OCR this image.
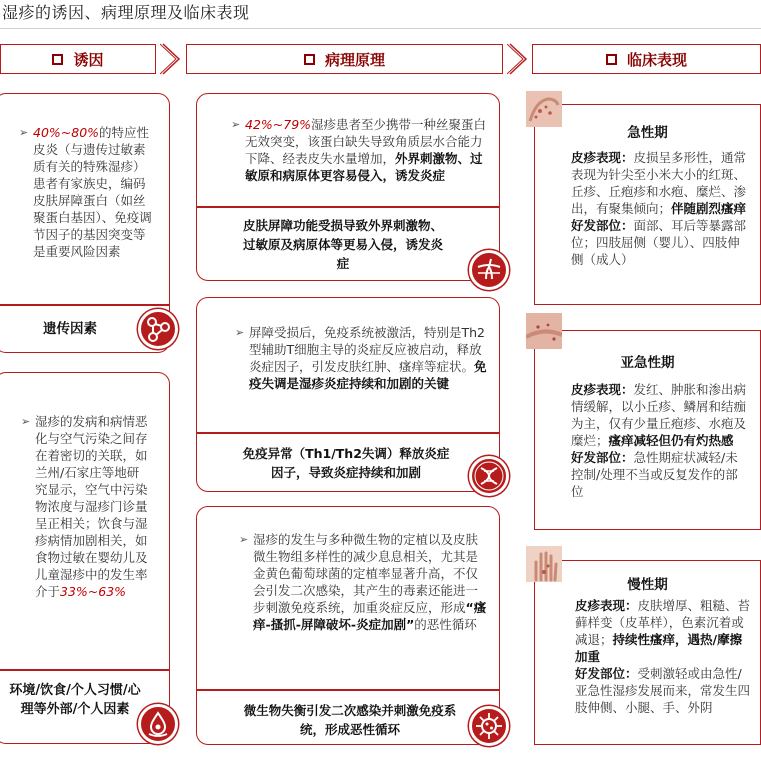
湿疹的诱因、病理原理及临床表现
诱因	病理原理	临床表现
➢ 40%~80%的特应性皮炎（与遗传过敏素质有关的特殊湿疹）患者有家族史，编码皮肤屏障蛋白（如丝聚蛋白基因）、免疫调节因子的基因突变等是重要风险因素
遗传因素
➢ 湿疹的发病和病情恶化与空气污染之间存在着密切的关联，如兰州/石家庄等地研究显示，空气中污染物浓度与湿疹门诊量呈正相关；饮食与湿疹病情加剧相关，如食物过敏在婴幼儿及儿童湿疹中的发生率介于33%~63%
环境/饮食/个人习惯/心理等外部/个人因素
➢ 42%~79%湿疹患者至少携带一种丝聚蛋白无效突变，该蛋白缺失导致角质层水合能力下降、经表皮失水量增加，外界刺激物、过敏原和病原体更容易侵入，诱发炎症
皮肤屏障功能受损导致外界刺激物、过敏原及病原体等更易入侵，诱发炎症
➢ 屏障受损后，免疫系统被激活，特别是Th2型辅助T细胞主导的炎症反应被启动，释放炎症因子，引发皮肤红肿、瘙痒等症状。免疫失调是湿疹炎症持续和加剧的关键
免疫异常（Th1/Th2失调）释放炎症因子，导致炎症持续和加剧
➢ 湿疹的发生与多种微生物的定植以及皮肤微生物组多样性的减少息息相关，尤其是金黄色葡萄球菌的定植率显著升高，不仅会引发二次感染，其产生的毒素还能进一步刺激免疫系统，加重炎症反应，形成“瘙痒-搔抓-屏障破坏-炎症加剧”的恶性循环
微生物失衡引发二次感染并刺激免疫系统，形成恶性循环
急性期
皮疹表现：皮损呈多形性，通常表现为针尖至小米大小的红斑、丘疹、丘疱疹和水疱、糜烂、渗出，有聚集倾向；伴随剧烈瘙痒
好发部位：面部、耳后等暴露部位；四肢屈侧（婴儿）、四肢伸侧（成人）
亚急性期
皮疹表现：发红、肿胀和渗出病情缓解，以小丘疹、鳞屑和结痂为主，仅有少量丘疱疹、水疱及糜烂；瘙痒减轻但仍有灼热感
好发部位：急性期症状减轻/未控制/处理不当或反复发作的部位
慢性期
皮疹表现：皮肤增厚、粗糙、苔藓样变（皮革样），色素沉着或减退；持续性瘙痒，遇热/摩擦加重
好发部位：受刺激轻或由急性/亚急性湿疹发展而来，常发生四肢伸侧、小腿、手、外阴
